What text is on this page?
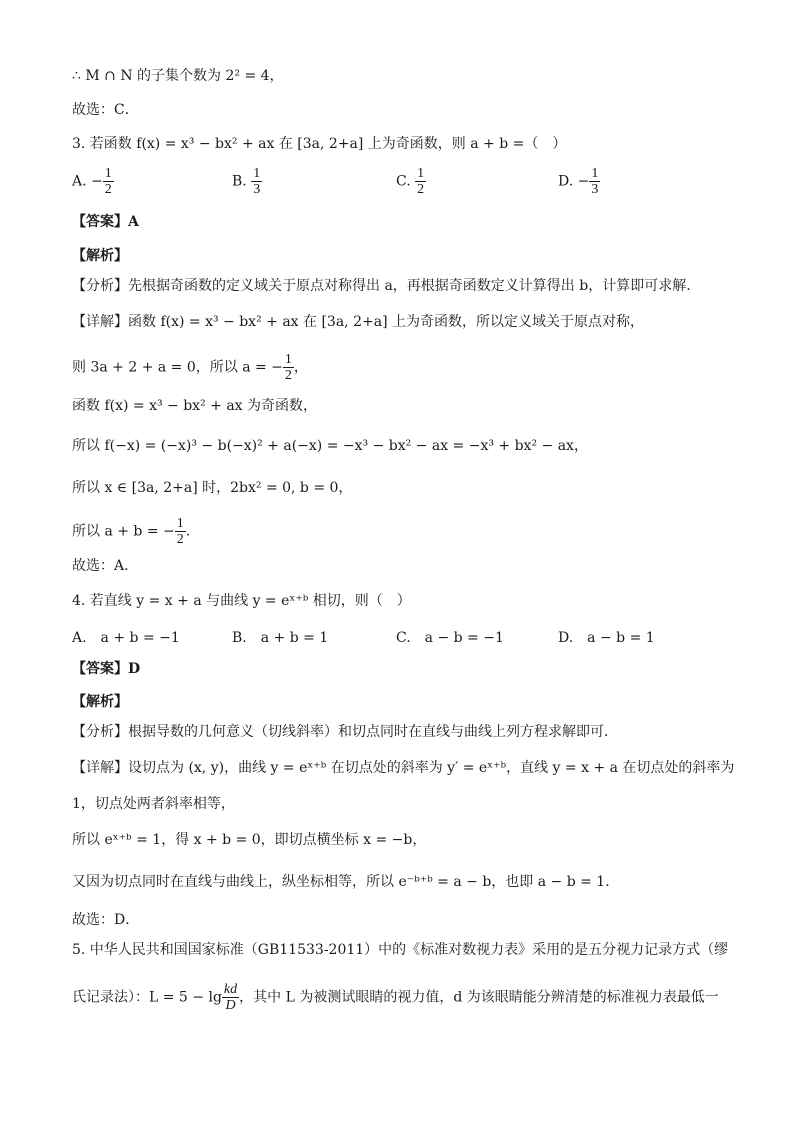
∴ M ∩ N 的子集个数为 2² = 4，
故选：C．
3. 若函数 f(x) = x³ − bx² + ax 在 [3a, 2+a] 上为奇函数，则 a + b =（　）
A. − $\frac{1}{2}$	B. $\frac{1}{3}$	C. $\frac{1}{2}$	D. − $\frac{1}{3}$
【答案】A
【解析】
【分析】先根据奇函数的定义域关于原点对称得出 a，再根据奇函数定义计算得出 b，计算即可求解.
【详解】函数 f(x) = x³ − bx² + ax 在 [3a, 2+a] 上为奇函数，所以定义域关于原点对称，
则 3a + 2 + a = 0，所以 a = − $\frac{1}{2}$ ，
函数 f(x) = x³ − bx² + ax 为奇函数，
所以 f(−x) = (−x)³ − b(−x)² + a(−x) = −x³ − bx² − ax = −x³ + bx² − ax，
所以 x ∈ [3a, 2+a] 时，2bx² = 0, b = 0，
所以 a + b = − $\frac{1}{2}$ .
故选：A.
4. 若直线 y = x + a 与曲线 y = eˣ⁺ᵇ 相切，则（　）
A.　a + b = −1	B.　a + b = 1	C.　a − b = −1	D.　a − b = 1
【答案】D
【解析】
【分析】根据导数的几何意义（切线斜率）和切点同时在直线与曲线上列方程求解即可．
【详解】设切点为 (x, y)，曲线 y = eˣ⁺ᵇ 在切点处的斜率为 y′ = eˣ⁺ᵇ，直线 y = x + a 在切点处的斜率为
1，切点处两者斜率相等，
所以 eˣ⁺ᵇ = 1，得 x + b = 0，即切点横坐标 x = −b，
又因为切点同时在直线与曲线上，纵坐标相等，所以 e⁻ᵇ⁺ᵇ = a − b，也即 a − b = 1．
故选：D．
5. 中华人民共和国国家标准（GB11533-2011）中的《标准对数视力表》采用的是五分视力记录方式（缪
氏记录法）：$L = 5 - \lg \frac{kd}{D}$ ，其中 L 为被测试眼睛的视力值，d 为该眼睛能分辨清楚的标准视力表最低一
